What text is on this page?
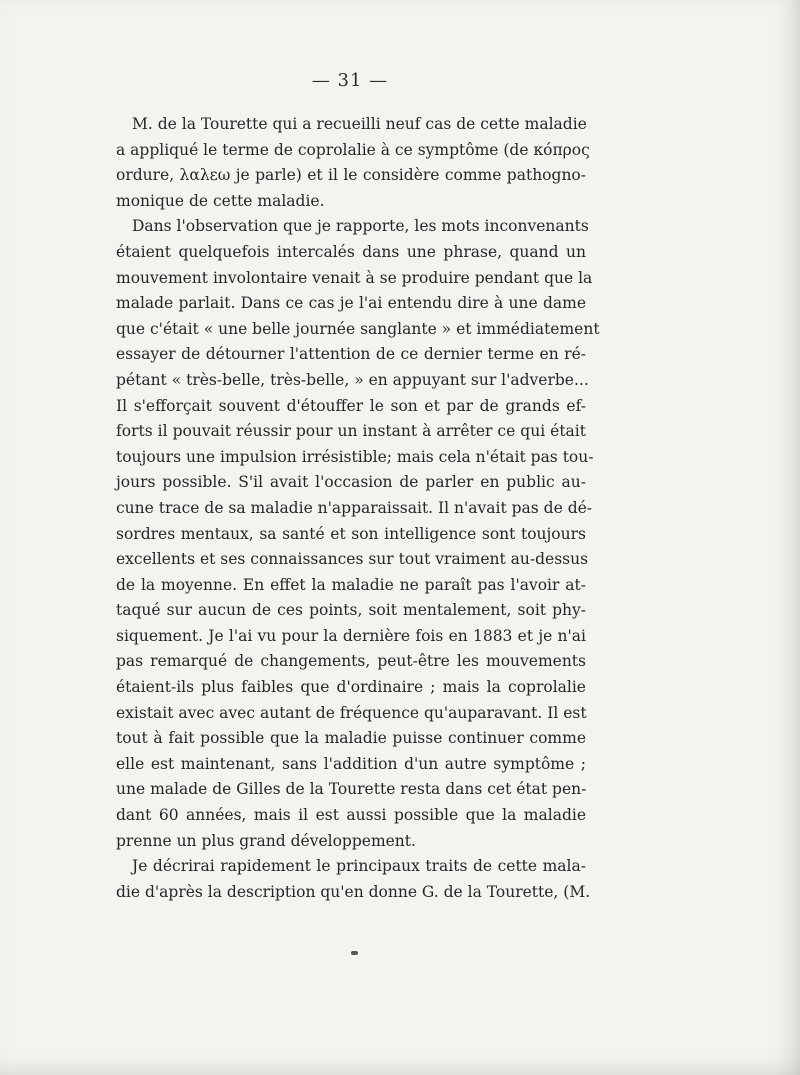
— 31 —
M. de la Tourette qui a recueilli neuf cas de cette maladie
a appliqué le terme de coprolalie à ce symptôme (de κόπρος
ordure, λαλεω je parle) et il le considère comme pathogno-
monique de cette maladie.
Dans l'observation que je rapporte, les mots inconvenants
étaient quelquefois intercalés dans une phrase, quand un
mouvement involontaire venait à se produire pendant que la
malade parlait. Dans ce cas je l'ai entendu dire à une dame
que c'était « une belle journée sanglante » et immédiatement
essayer de détourner l'attention de ce dernier terme en ré-
pétant « très-belle, très-belle, » en appuyant sur l'adverbe...
Il s'efforçait souvent d'étouffer le son et par de grands ef-
forts il pouvait réussir pour un instant à arrêter ce qui était
toujours une impulsion irrésistible; mais cela n'était pas tou-
jours possible. S'il avait l'occasion de parler en public au-
cune trace de sa maladie n'apparaissait. Il n'avait pas de dé-
sordres mentaux, sa santé et son intelligence sont toujours
excellents et ses connaissances sur tout vraiment au-dessus
de la moyenne. En effet la maladie ne paraît pas l'avoir at-
taqué sur aucun de ces points, soit mentalement, soit phy-
siquement. Je l'ai vu pour la dernière fois en 1883 et je n'ai
pas remarqué de changements, peut-être les mouvements
étaient-ils plus faibles que d'ordinaire ; mais la coprolalie
existait avec avec autant de fréquence qu'auparavant. Il est
tout à fait possible que la maladie puisse continuer comme
elle est maintenant, sans l'addition d'un autre symptôme ;
une malade de Gilles de la Tourette resta dans cet état pen-
dant 60 années, mais il est aussi possible que la maladie
prenne un plus grand développement.
Je décrirai rapidement le principaux traits de cette mala-
die d'après la description qu'en donne G. de la Tourette, (M.
